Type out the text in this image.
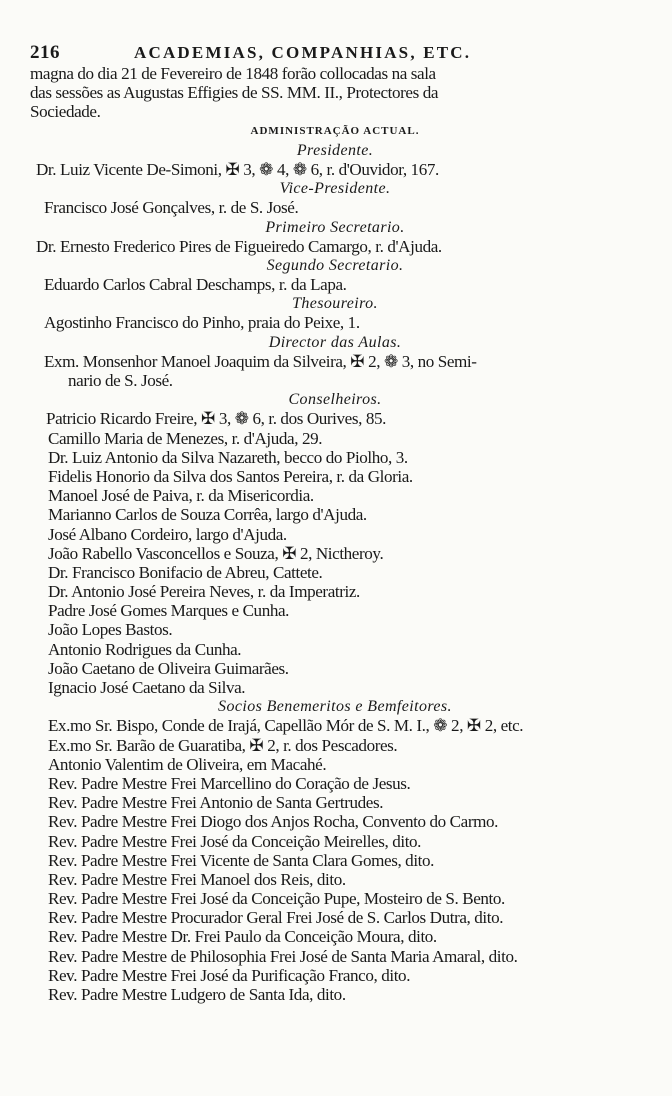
216	ACADEMIAS, COMPANHIAS, ETC.
magna do dia 21 de Fevereiro de 1848 forão collocadas na sala
das sessões as Augustas Effigies de SS. MM. II., Protectores da
Sociedade.
ADMINISTRAÇÃO ACTUAL.
Presidente.
Dr. Luiz Vicente De-Simoni, ✠ 3, ❁ 4, ❁ 6, r. d'Ouvidor, 167.
Vice-Presidente.
Francisco José Gonçalves, r. de S. José.
Primeiro Secretario.
Dr. Ernesto Frederico Pires de Figueiredo Camargo, r. d'Ajuda.
Segundo Secretario.
Eduardo Carlos Cabral Deschamps, r. da Lapa.
Thesoureiro.
Agostinho Francisco do Pinho, praia do Peixe, 1.
Director das Aulas.
Exm. Monsenhor Manoel Joaquim da Silveira, ✠ 2, ❁ 3, no Semi-
nario de S. José.
Conselheiros.
Patricio Ricardo Freire, ✠ 3, ❁ 6, r. dos Ourives, 85.
Camillo Maria de Menezes, r. d'Ajuda, 29.
Dr. Luiz Antonio da Silva Nazareth, becco do Piolho, 3.
Fidelis Honorio da Silva dos Santos Pereira, r. da Gloria.
Manoel José de Paiva, r. da Misericordia.
Marianno Carlos de Souza Corrêa, largo d'Ajuda.
José Albano Cordeiro, largo d'Ajuda.
João Rabello Vasconcellos e Souza, ✠ 2, Nictheroy.
Dr. Francisco Bonifacio de Abreu, Cattete.
Dr. Antonio José Pereira Neves, r. da Imperatriz.
Padre José Gomes Marques e Cunha.
João Lopes Bastos.
Antonio Rodrigues da Cunha.
João Caetano de Oliveira Guimarães.
Ignacio José Caetano da Silva.
Socios Benemeritos e Bemfeitores.
Ex.mo Sr. Bispo, Conde de Irajá, Capellão Mór de S. M. I., ❁ 2, ✠ 2, etc.
Ex.mo Sr. Barão de Guaratiba, ✠ 2, r. dos Pescadores.
Antonio Valentim de Oliveira, em Macahé.
Rev. Padre Mestre Frei Marcellino do Coração de Jesus.
Rev. Padre Mestre Frei Antonio de Santa Gertrudes.
Rev. Padre Mestre Frei Diogo dos Anjos Rocha, Convento do Carmo.
Rev. Padre Mestre Frei José da Conceição Meirelles, dito.
Rev. Padre Mestre Frei Vicente de Santa Clara Gomes, dito.
Rev. Padre Mestre Frei Manoel dos Reis, dito.
Rev. Padre Mestre Frei José da Conceição Pupe, Mosteiro de S. Bento.
Rev. Padre Mestre Procurador Geral Frei José de S. Carlos Dutra, dito.
Rev. Padre Mestre Dr. Frei Paulo da Conceição Moura, dito.
Rev. Padre Mestre de Philosophia Frei José de Santa Maria Amaral, dito.
Rev. Padre Mestre Frei José da Purificação Franco, dito.
Rev. Padre Mestre Ludgero de Santa Ida, dito.
